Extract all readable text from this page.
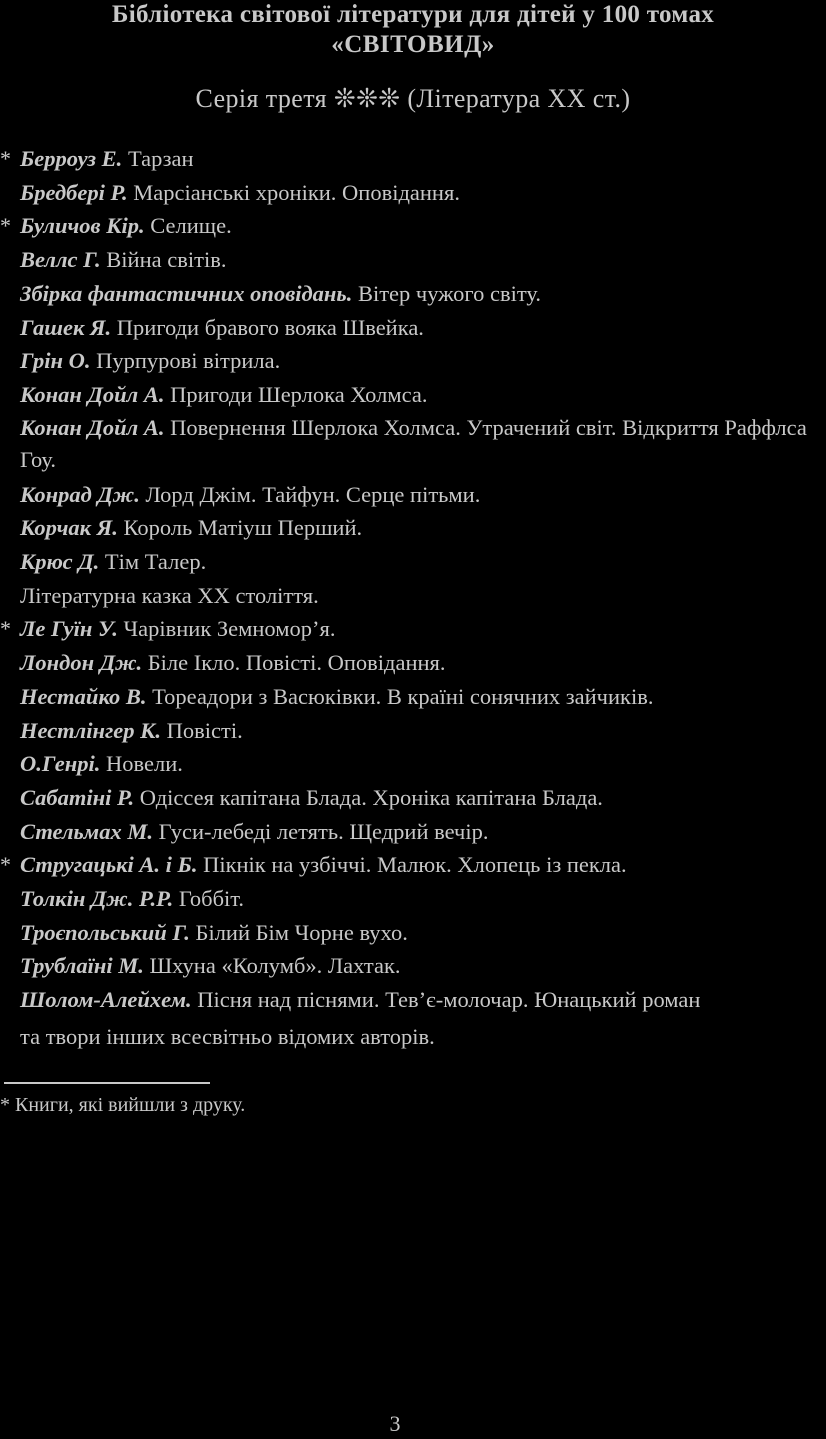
Бібліотека світової літератури для дітей у 100 томах
«СВІТОВИД»
Серія третя ❊❊❊ (Література ХХ ст.)
* Берроуз Е. Тарзан
Бредбері Р. Марсіанські хроніки. Оповідання.
* Буличов Кір. Селище.
Веллс Г. Війна світів.
Збірка фантастичних оповідань. Вітер чужого світу.
Гашек Я. Пригоди бравого вояка Швейка.
Грін О. Пурпурові вітрила.
Конан Дойл А. Пригоди Шерлока Холмса.
Конан Дойл А. Повернення Шерлока Холмса. Утрачений світ. Відкриття Раффлса Гоу.
Конрад Дж. Лорд Джім. Тайфун. Серце пітьми.
Корчак Я. Король Матіуш Перший.
Крюс Д. Тім Талер.
Літературна казка ХХ століття.
* Ле Гуїн У. Чарівник Земномор’я.
Лондон Дж. Біле Ікло. Повісті. Оповідання.
Нестайко В. Тореадори з Васюківки. В країні сонячних зайчиків.
Нестлінгер К. Повісті.
О.Генрі. Новели.
Сабатіні Р. Одіссея капітана Блада. Хроніка капітана Блада.
Стельмах М. Гуси-лебеді летять. Щедрий вечір.
* Стругацькі А. і Б. Пікнік на узбіччі. Малюк. Хлопець із пекла.
Толкін Дж. Р.Р. Гоббіт.
Троєпольський Г. Білий Бім Чорне вухо.
Трублаїні М. Шхуна «Колумб». Лахтак.
Шолом-Алейхем. Пісня над піснями. Тев’є-молочар. Юнацький роман
та твори інших всесвітньо відомих авторів.
* Книги, які вийшли з друку.
3
